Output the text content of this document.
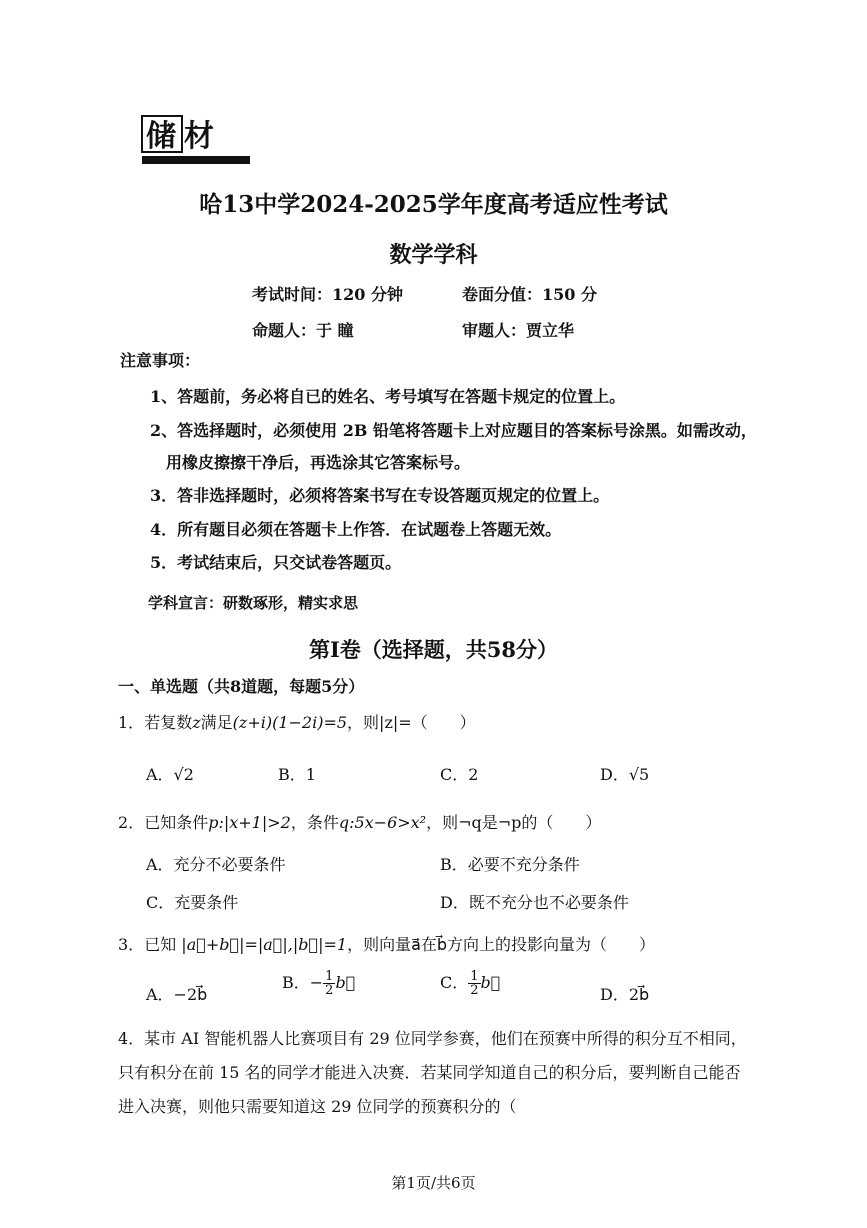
储 材
哈13中学2024-2025学年度高考适应性考试
数学学科
考试时间：120 分钟	卷面分值：150 分
命题人：于 瞳	审题人：贾立华
注意事项：
1、答题前，务必将自已的姓名、考号填写在答题卡规定的位置上。
2、答选择题时，必须使用 2B 铅笔将答题卡上对应题目的答案标号涂黑。如需改动，
用橡皮擦擦干净后，再选涂其它答案标号。
3．答非选择题时，必须将答案书写在专设答题页规定的位置上。
4．所有题目必须在答题卡上作答．在试题卷上答题无效。
5．考试结束后，只交试卷答题页。
学科宣言：研数琢形，精实求思
第Ⅰ卷（选择题，共58分）
一、单选题（共8道题，每题5分）
1．若复数z满足(z+i)(1−2i)=5，则|z|=（　　）
A．√2	B．1	C．2	D．√5
2．已知条件p:|x+1|>2，条件q:5x−6>x²，则¬q是¬p的（　　）
A．充分不必要条件	B．必要不充分条件
C．充要条件	D．既不充分也不必要条件
3．已知 |a⃗+b⃗|=|a⃗|,|b⃗|=1，则向量a⃗在b⃗方向上的投影向量为（　　）
A．−2b⃗
B．− $\frac{1}{2}$ b⃗	C． $\frac{1}{2}$ b⃗
D．2b⃗
4．某市 AI 智能机器人比赛项目有 29 位同学参赛，他们在预赛中所得的积分互不相同，
只有积分在前 15 名的同学才能进入决赛．若某同学知道自己的积分后，要判断自己能否
进入决赛，则他只需要知道这 29 位同学的预赛积分的（
第1页/共6页
